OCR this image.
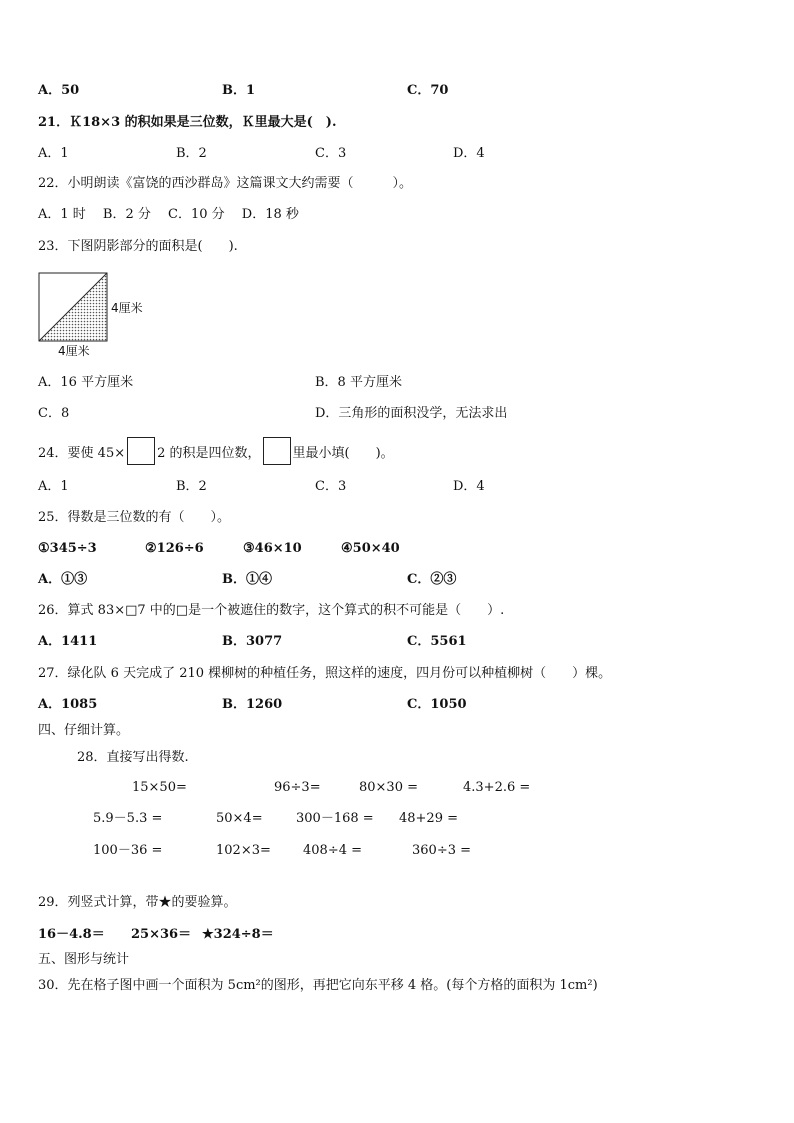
A．50	B．1	C．70
21．Ｋ18×3 的积如果是三位数，Ｋ里最大是(　).
A．1	B．2	C．3	D．4
22．小明朗读《富饶的西沙群岛》这篇课文大约需要（　　　）。
A．1 时　 B．2 分　 C．10 分　 D．18 秒
23．下图阴影部分的面积是(　　).
4厘米
4厘米
A．16 平方厘米	B．8 平方厘米
C．8	D．三角形的面积没学，无法求出
24．要使 45× 2 的积是四位数， 里最小填(　　)。
A．1	B．2	C．3	D．4
25．得数是三位数的有（　　）。
①345÷3	②126÷6	③46×10	④50×40
A．①③	B．①④	C．②③
26．算式 83×□7 中的□是一个被遮住的数字，这个算式的积不可能是（　　）.
A．1411	B．3077	C．5561
27．绿化队 6 天完成了 210 棵柳树的种植任务，照这样的速度，四月份可以种植柳树（　　）棵。
A．1085	B．1260	C．1050
四、仔细计算。
28．直接写出得数.
15×50=	96÷3=	80×30 =	4.3+2.6 =
5.9－5.3 =	50×4=	300－168 = 48+29 =
100－36 =	102×3= 408÷4 =	360÷3 =
29．列竖式计算，带★的要验算。
16－4.8＝ 25×36＝ ★324÷8＝
五、图形与统计
30．先在格子图中画一个面积为 5cm²的图形，再把它向东平移 4 格。(每个方格的面积为 1cm²)
